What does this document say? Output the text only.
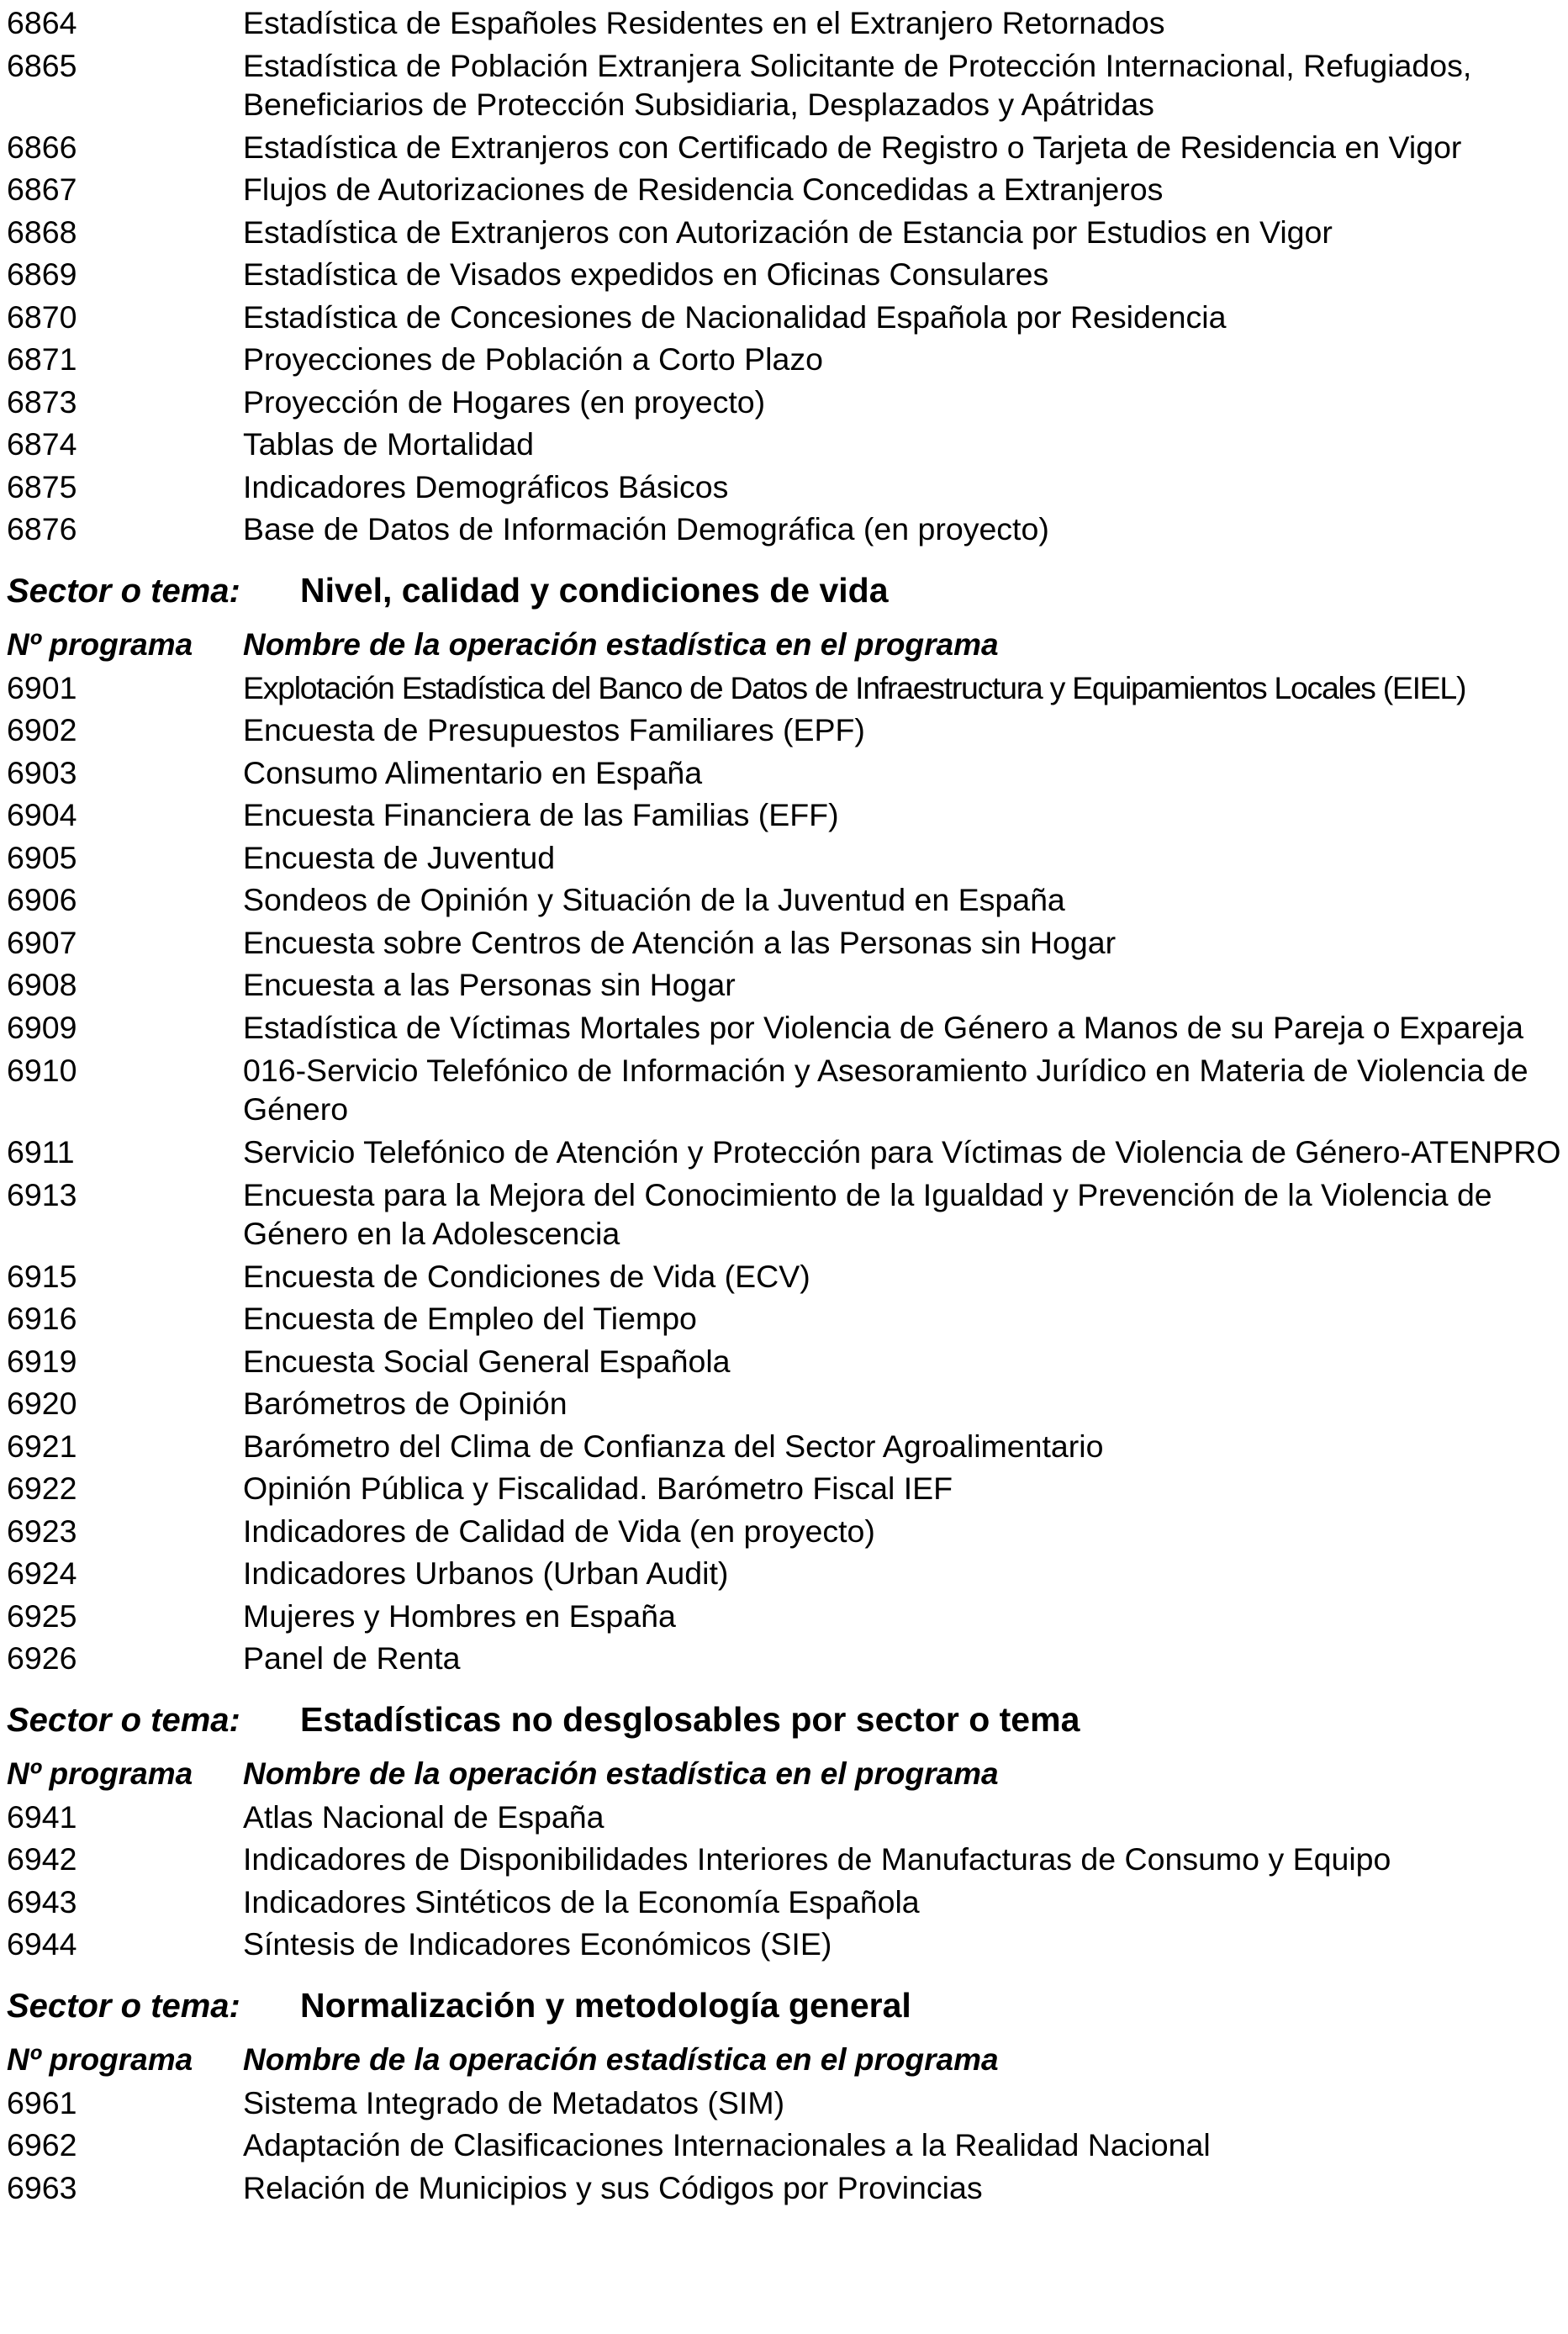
6864	Estadística de Españoles Residentes en el Extranjero Retornados
6865	Estadística de Población Extranjera Solicitante de Protección Internacional, Refugiados, Beneficiarios de Protección Subsidiaria, Desplazados y Apátridas
6866	Estadística de Extranjeros con Certificado de Registro o Tarjeta de Residencia en Vigor
6867	Flujos de Autorizaciones de Residencia Concedidas a Extranjeros
6868	Estadística de Extranjeros con Autorización de Estancia por Estudios en Vigor
6869	Estadística de Visados expedidos en Oficinas Consulares
6870	Estadística de Concesiones de Nacionalidad Española por Residencia
6871	Proyecciones de Población a Corto Plazo
6873	Proyección de Hogares (en proyecto)
6874	Tablas de Mortalidad
6875	Indicadores Demográficos Básicos
6876	Base de Datos de Información Demográfica (en proyecto)
Sector o tema:	Nivel, calidad y condiciones de vida
Nº programa	Nombre de la operación estadística en el programa
6901	Explotación Estadística del Banco de Datos de Infraestructura y Equipamientos Locales (EIEL)
6902	Encuesta de Presupuestos Familiares (EPF)
6903	Consumo Alimentario en España
6904	Encuesta Financiera de las Familias (EFF)
6905	Encuesta de Juventud
6906	Sondeos de Opinión y Situación de la Juventud en España
6907	Encuesta sobre Centros de Atención a las Personas sin Hogar
6908	Encuesta a las Personas sin Hogar
6909	Estadística de Víctimas Mortales por Violencia de Género a Manos de su Pareja o Expareja
6910	016-Servicio Telefónico de Información y Asesoramiento Jurídico en Materia de Violencia de Género
6911	Servicio Telefónico de Atención y Protección para Víctimas de Violencia de Género-ATENPRO
6913	Encuesta para la Mejora del Conocimiento de la Igualdad y Prevención de la Violencia de Género en la Adolescencia
6915	Encuesta de Condiciones de Vida (ECV)
6916	Encuesta de Empleo del Tiempo
6919	Encuesta Social General Española
6920	Barómetros de Opinión
6921	Barómetro del Clima de Confianza del Sector Agroalimentario
6922	Opinión Pública y Fiscalidad. Barómetro Fiscal IEF
6923	Indicadores de Calidad de Vida (en proyecto)
6924	Indicadores Urbanos (Urban Audit)
6925	Mujeres y Hombres en España
6926	Panel de Renta
Sector o tema:	Estadísticas no desglosables por sector o tema
Nº programa	Nombre de la operación estadística en el programa
6941	Atlas Nacional de España
6942	Indicadores de Disponibilidades Interiores de Manufacturas de Consumo y Equipo
6943	Indicadores Sintéticos de la Economía Española
6944	Síntesis de Indicadores Económicos (SIE)
Sector o tema:	Normalización y metodología general
Nº programa	Nombre de la operación estadística en el programa
6961	Sistema Integrado de Metadatos (SIM)
6962	Adaptación de Clasificaciones Internacionales a la Realidad Nacional
6963	Relación de Municipios y sus Códigos por Provincias
